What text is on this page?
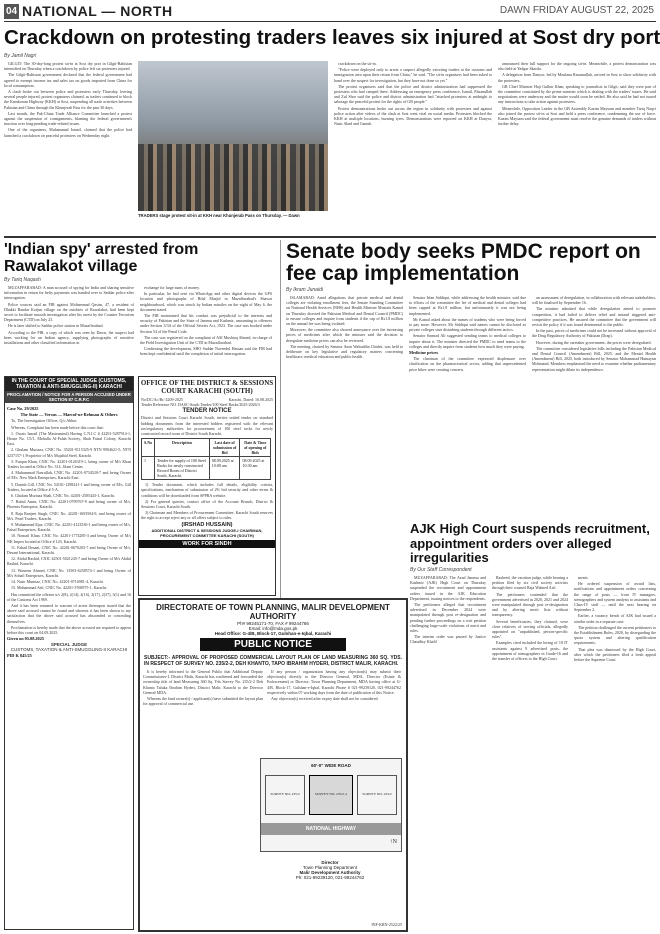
04 NATIONAL — NORTH	DAWN FRIDAY AUGUST 22, 2025
Crackdown on protesting traders leaves six injured at Sost dry port
By Jamil Nagri

GILGIT: The 30-day-long protest sit-in at Sost dry port in Gilgit-Baltistan intensified on Thursday when a crackdown by police left six protesters injured.

The Gilgit-Baltistan government declared that the federal government had agreed to exempt income tax and sales tax on goods imported from China for local consumption.

A clash broke out between police and protesters early Thursday, leaving several people injured, protest organisers claimed, as traders continued to block the Karakoram Highway (KKH) at Sost, suspending all trade activities between Pakistan and China through the Khunjerab Pass for the past 30 days.

Last month, the Pak-China Trade Alliance Committee launched a protest against the suspension of consignments, blaming the federal government's inaction over long-pending trade-related issues.

One of the organisers, Muhammad Ismail, claimed that the police had launched a crackdown on peaceful protesters on Wednesday night.

TRADERS stage protest sit-in at KKH near Khunjerab Pass on Thursday. — Dawn

crackdown on the sit-in.

"Police were deployed only to arrest a suspect allegedly extorting traders at the customs and immigration area upon their return from China," he said. "The sit-in organisers had been asked to hand over the suspect for investigation, but they have not done so yet."

The protest organisers said that the police and district administration had suppressed the protesters who had camped there. Addressing an emergency press conference, Ismail, Ehsanullah and Zul Shor said the police and district administration had "attacked protesters at midnight to sabotage the peaceful protest for the rights of GB people."

Protest demonstrations broke out across the region in solidarity with protesters and against police action after videos of the clash at Sost went viral on social media. Protesters blocked the KKH at multiple locations, burning tyres. Demonstrations were reported on KKH at Danyor, Nasir Abad and Ganish.

announced their full support for the ongoing sit-in. Meanwhile, a protest demonstration was also held at Yadgar Skardu.

A delegation from Danyor, led by Moulana Rasamullah, arrived in Sost to show solidarity with the protesters.

GB Chief Minister Haji Gulbar Khan, speaking to journalists in Gilgit, said they were part of the committee constituted by the prime minister which is dealing with the traders' issues. He said negotiations were underway and the matter would soon be settled. He also said he had not issued any instructions to take action against protesters.

Meanwhile, Opposition Leader in the GB Assembly Kazim Maysam and member Tariq Naqvi also joined the protest sit-in at Sost and held a press conference, condemning the use of force. Kazim Maysam said the federal government must resolve the genuine demands of traders without further delay.

'Indian spy' arrested from Rawalakot village
By Tariq Naqash

MUZAFFARABAD: A man accused of spying for India and sharing sensitive information in return for hefty payments was handed over to Saddar police after interrogation.

Police sources said an FIR against Mohammad Qasim, 47, a resident of Dhakki Bandar Kotjun village on the outskirts of Rawalakot, had been kept secret to facilitate smooth investigation after his arrest by the Counter Terrorism Department (CTD) on July 23.

He is later shifted to Saddar police station in Muzaffarabad.

According to the FIR, a copy of which was seen by Dawn, the suspect had been working for an Indian agency, supplying photographs of sensitive installations and other classified information in

exchange for large sums of money.

In particular, he had sent via WhatsApp and other digital devices the GPS location and photographs of Bilal Masjid in Muzaffarabad's Shawai neighbourhood, which was struck by Indian missiles on the night of May 6, the document stated.

The FIR maintained that his conduct was prejudicial to the interests and security of Pakistan and the State of Jammu and Kashmir, amounting to offences under Section 3/3A of the Official Secrets Act, 1923. The case was booked under Section 54 of the Penal Code.

The case was registered on the complaint of ASI Mushtaq Ahmed, in-charge of the Field Investigation Unit of the CTD in Muzaffarabad.

Confirming the development, SHO Saddar Naveedul Hassan said the FIR had been kept confidential until the completion of initial interrogation.

IN THE COURT OF SPECIAL JUDGE (CUSTOMS, TAXATION & ANTI-SMUGGLING-II) KARACHI
PROCLAMATION / NOTICE FOR A PERSON ACCUSED UNDER SECTION 87 C.R.P.C
Case No. 29/2025
The State — Versus — Marcof-ur-Rehman & Others

To, The Investigation Officer, Q/o Abbas

Whereas, Complaint has been made before this court that:

1. Owais Ismail (The Mastermind) Having C.N.I.C # 42201-5287914-1, House No. C5/1, Mohalla Al-Falah Society, Shah Faisal Colony, Karachi East.

2. Ghulam Murtaza, CNIC No. 35201-9115325-9 NTN 9904621-5, NTN 3237157-1 Proprietor of M/s Mujahid Steel, Karachi.

3. Furqan Khan, CNIC No. 42201-0126319-1, being owner of M/s Khan Traders located at Office No. 314, Jilani Center.

4. Muhammad Nasrullah, CNIC No. 42201-0734520-7 and being Owner of M/s. New Mark Enterprises, Karachi East.

5. Danish Gill, CNIC No. 54101-1298241-1 and being owner of M/s. Gill Traders, located at Office # 5-A.

6. Ghulam Murtaza Shah, CNIC No. 42401-2585443-1, Karachi.

7. Ruhul Amin, CNIC No. 42201-0799767-9 and being owner of M/s. Phoenix Enterprise, Karachi.

8. Raja Ranjeet Singh, CNIC No. 42201-1603504-9, and being owner of M/s. Pearl Traders, Karachi.

9. Muhammad Ejaz, CNIC No. 42201-4123530-1 and being owner of M/s. Faisal Enterprises, Karachi.

10. Nomail Khan, CNIC No. 42201-1774285-3 and being Owner of M/s NK Impex located at Office # 143, Karachi.

11. Fahad Desani, CNIC No. 42201-0670203-7 and being Owner of M/s. Desani International, Karachi.

12. Abdul Rashid, CNIC 42501-5021245-7 and being Owner of M/s Abdul Rashid, Karachi.

13. Waseem Ahmed, CNIC No. 13503-6258574-1 and being Owner of M/s Sohail Enterprises, Karachi.

14. Nasir Mumtaz, CNIC No. 42201-0716981-4, Karachi.

15. Muhammad Atif, CNIC No. 42201-3768975-1, Karachi.

Has committed the offence u/s 2(8), 2(14), 2(16), 2(17), 2(37), 3(1) and 16 of the Customs Act 1969.

And it has been returned to warrant of arrest thereupon issued that the above said accused cannot be found and whereas it has been shown to my satisfaction that the above said accused has absconded or concealing themselves.

Proclamation is hereby made that the above accused are required to appear before this court on 04.09.2025.

Given on 05.08.2025
SPECIAL JUDGE
CUSTOMS, TAXATION & ANTI-SMUGGLING-II KARACHI
PID K 845/25
OFFICE OF THE DISTRICT & SESSIONS COURT KARACHI (SOUTH)
No/DC/Ac/Br/ 4209-2025	Karachi, Dated: 16.08.2025
Tender Reference NO. DASC-South Tender/100 Steel Racks/2025-2026/3
TENDER NOTICE
District and Sessions Court Karachi South, invites sealed tender on standard bidding documents from the interested bidders registered with the relevant tax/regulatory authorities for procurement of 100 steel racks for newly constructed record room of District South Karachi.
S.No	Description	Last date of submission of Bid	Date & Time of opening of Bids
1	Tender for supply of 100 Steel Racks for newly constructed Record Room of District South, Karachi.	08.09.2025 at 10:00 am	08.09.2025 at 10:30 am

1) Tender document, which includes full details, eligibility criteria, specifications, mechanism of submission of 2% bid security and other terms & conditions will be downloaded from SPPRA website.

2) For general queries, contact office of the Account Branch, District & Sessions Court, Karachi South.

3) Chairman and Members of Procurement Committee, Karachi South reserves the right to accept reject any or all offers subject to rules.

(IRSHAD HUSSAIN)
ADDITIONAL DISTRICT & SESSIONS JUDGE-I CHAIRMAN, PROCUREMENT COMMITTEE KARACHI (SOUTH)
WORK FOR SINDH
Senate body seeks PMDC report on fee cap implementation
By Ikram Junaidi

ISLAMABAD: Amid allegations that private medical and dental colleges are violating enrollment fees, the Senate Standing Committee on National Health Services (NHS) and Health Minister Mustafa Kamal on Thursday directed the Pakistan Medical and Dental Council (PMDC) to ensure colleges and inquire from students if the cap of Rs1.8 million on the annual fee was being violated.

Moreover, the committee also showed annoyance over the increasing prices of medicines after which the minister said the decision to deregulate medicine prices can also be reviewed.

The meeting, chaired by Senator Amir Waliuddin Chishti, was held to deliberate on key legislative and regulatory matters concerning healthcare, medical education and public health.

Senator Irfan Siddiqui, while addressing the health minister, said due to efforts of the committee the fee of medical and dental colleges had been capped at Rs1.8 million, but unfortunately it was not being implemented.

Mr Kamal asked about the names of students who were being forced to pay more. However, Mr Siddiqui said names cannot be disclosed as private colleges start disturbing students through different tactics.

Senator Sarmad Ali suggested sending teams to medical colleges to inquire about it. The minister directed the PMDC to send teams to the colleges and directly inquire from students how much they were paying.

Medicine prices

The chairman of the committee expressed displeasure over clarification on the pharmaceutical sector, adding that unprecedented price hikes were creating concern.

an assessment of deregulation, in collaboration with relevant stakeholders, will be finalised by September 16.

The minister admitted that while deregulation aimed to promote competition, it had failed to deliver relief and instead triggered anti-competitive practices. He assured the committee that the government will revisit the policy if it was found detrimental to the public.

In the past, prices of medicines could not be increased without approval of the Drug Regulatory Authority of Pakistan (Drap).

However, during the caretaker government, the prices were deregulated.

The committee considered legislative bills including the Pakistan Medical and Dental Council (Amendment) Bill, 2025, and the Mental Health (Amendment) Bill, 2025, both introduced by Senator Mohammad Humayun Mohmand. Members emphasised the need to examine whether parliamentary representation might dilute its independence.

AJK High Court suspends recruitment, appointment orders over alleged irregularities
By Our Staff Correspondent

MUZAFFARABAD: The Azad Jammu and Kashmir (AJK) High Court on Thursday suspended the recruitment and appointment orders issued in the AJK Education Department, issuing notices to the respondents.

The petitioners alleged that recruitment advertised in December 2024 were manipulated through post re-designation and pending further proceedings on a writ petition challenging large-scale violations of merit and rules.

The interim order was passed by Justice Chaudhry Khalil

Rasheed, the vacation judge, while hearing a petition filed by six civil society activists through their counsel Raja Waheed Arif.

The petitioners contended that the government advertised in 2020, 2021 and 2024 were manipulated through post re-designation and by altering merit lists without transparency.

Several beneficiaries, they claimed, were close relatives of serving officials, allegedly appointed on "unpublished, person-specific rules".

Examples cited included the hiring of 18 IT assistants against 9 advertised posts, the appointment of stenographers in Grade-16 and the transfer of officers to the High Court.

ments.

He ordered suspension of award lists, notifications and appointment orders concerning the range of posts — from IT managers, stenographers and system analysts to assistants and Class-IV staff — until the next hearing on September 2.

Earlier, a vacancy bench of AJK had issued a similar order in a separate case.

The petition challenged the current petitioners to the Establishment Rules, 2020, by disregarding the quota system and altering qualification requirements.

That plea was dismissed by the High Court, after which the petitioners filed a fresh appeal before the Supreme Court.

DIRECTORATE OF TOWN PLANNING, MALIR DEVELOPMENT AUTHORITY
Ph# 99245171-70, FAX # 99244766
Email: info@mda.gos.pk
Head Office: G-4/B, Block-17, Gulshan-e-Iqbal, Karachi
PUBLIC NOTICE
SUBJECT:- APPROVAL OF PROPOSED COMMERCIAL LAYOUT PLAN OF LAND MEASURING 360 SQ. YDS. IN RESPECT OF SURVEY NO. 235/2-2, DEH KHANTO, TAPO IBRAHIM HYDERI, DISTRICT MALIR, KARACHI.

It is hereby informed to the General Public that Additional Deputy Commissioner-I, District Malir, Karachi has confirmed and forwarded the ownership title of land Measuring 360 Sq. Yds Survey No. 235/2-2 Deh Khanto Taluka Ibrahim Hyderi, District Malir, Karachi to the Director General MDA.

Whereas the land owner(s) / applicant(s) have submitted the layout plan for approval of commercial use.

If any person / organization having any objection(s) may submit their objection(s) directly to the Director General, MDA, Director (Estate & Enforcement) or Director, Town Planning Department, MDA having office at G-4/B, Block-17, Gulshan-e-Iqbal, Karachi Phone # 021-99239120, 021-99244762 respectively within 07 working days from the date of publication of this Notice.

Any objection(s) received after expiry date shall not be considered.

60'-0" WIDE ROAD
SURVEY NO. 235/2	SURVEY NO. 235/2-2	SURVEY NO. 234/2
NATIONAL HIGHWAY
↑N
Director
Town Planning Department
Malir Development Authority
Ph: 021-99239120, 021-99244762
INF-KRN-2522/25
